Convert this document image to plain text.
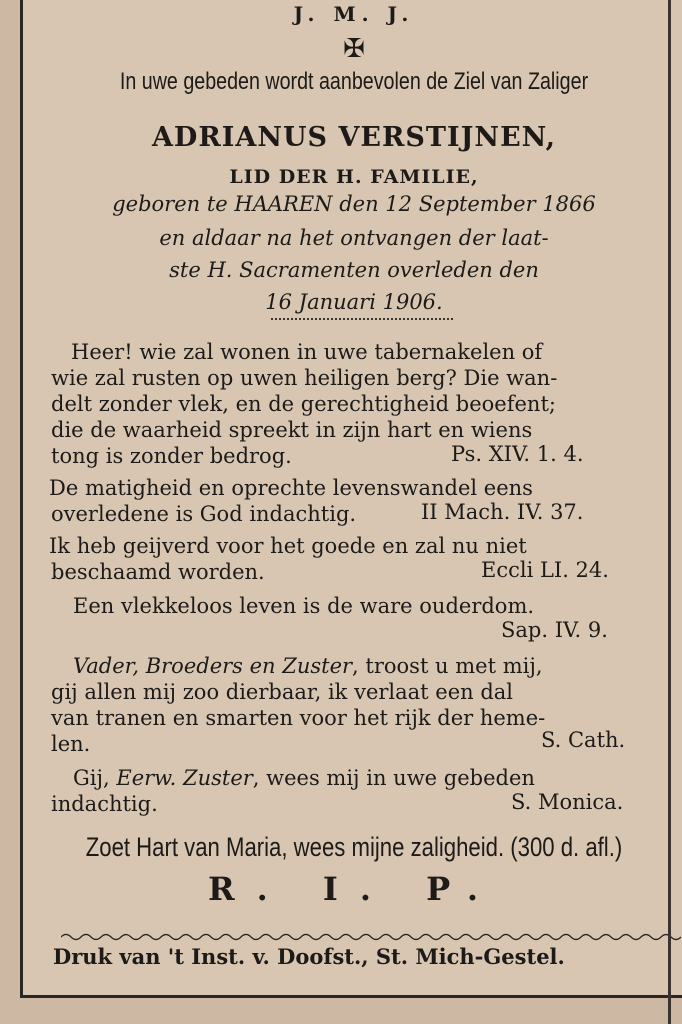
J. M. J.
✠
In uwe gebeden wordt aanbevolen de Ziel van Zaliger
ADRIANUS VERSTIJNEN,
LID DER H. FAMILIE,
geboren te HAAREN den 12 September 1866
en aldaar na het ontvangen der laat-
ste H. Sacramenten overleden den
16 Januari 1906.
Heer! wie zal wonen in uwe tabernakelen of
wie zal rusten op uwen heiligen berg? Die wan-
delt zonder vlek, en de gerechtigheid beoefent;
die de waarheid spreekt in zijn hart en wiens
tong is zonder bedrog.	Ps. XIV. 1. 4.
De matigheid en oprechte levenswandel eens
overledene is God indachtig.	II Mach. IV. 37.
Ik heb geijverd voor het goede en zal nu niet
beschaamd worden.	Eccli LI. 24.
Een vlekkeloos leven is de ware ouderdom.
Sap. IV. 9.
Vader, Broeders en Zuster, troost u met mij,
gij allen mij zoo dierbaar, ik verlaat een dal
van tranen en smarten voor het rijk der heme-
len.	S. Cath.
Gij, Eerw. Zuster, wees mij in uwe gebeden
indachtig.	S. Monica.
Zoet Hart van Maria, wees mijne zaligheid. (300 d. afl.)
R. I. P.
Druk van 't Inst. v. Doofst., St. Mich-Gestel.
